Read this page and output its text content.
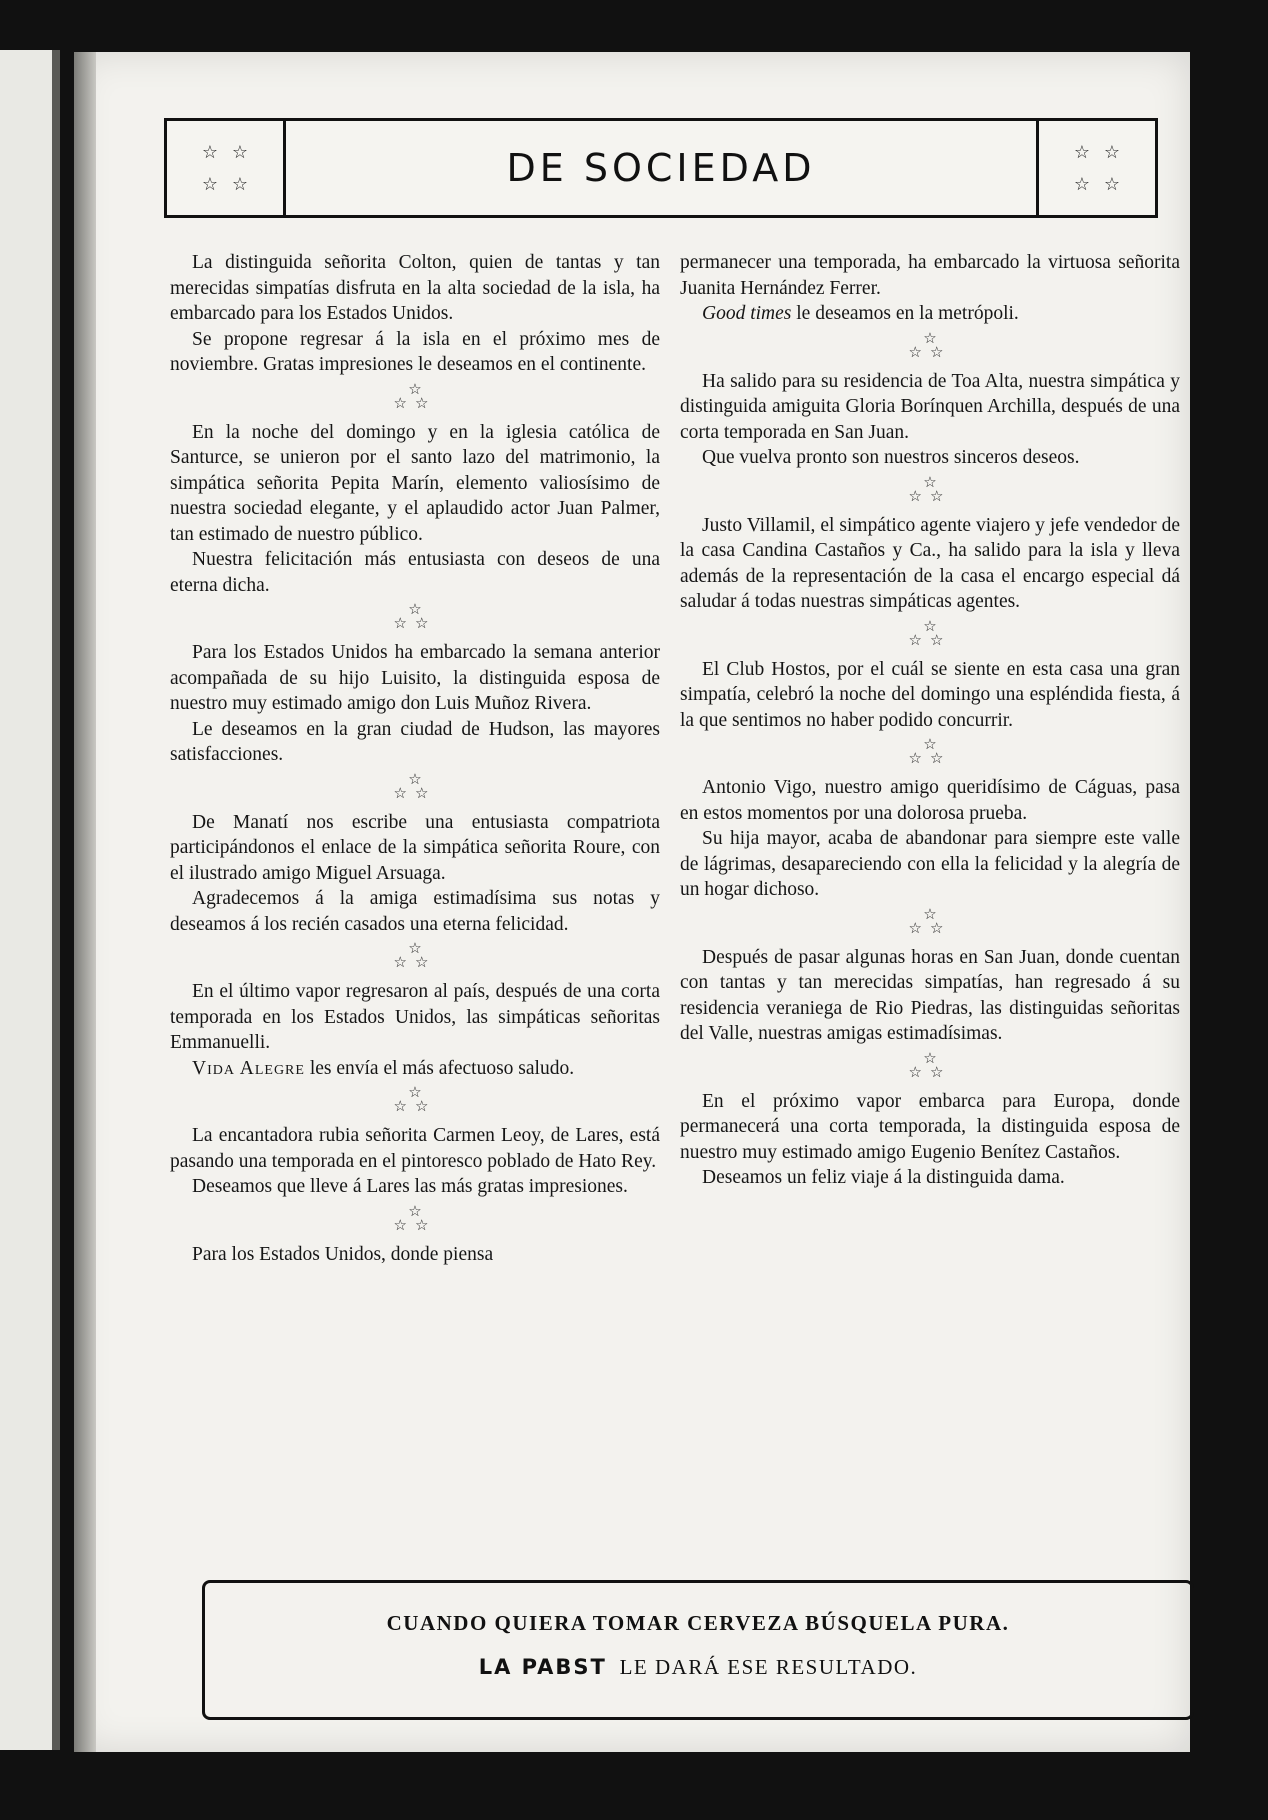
☆ ☆
☆ ☆	DE SOCIEDAD	☆ ☆
☆ ☆

La distinguida señorita Colton, quien de tantas y tan merecidas simpatías disfruta en la alta sociedad de la isla, ha embarcado para los Estados Unidos.

Se propone regresar á la isla en el próximo mes de noviembre. Gratas impresiones le deseamos en el continente.

☆
☆☆

En la noche del domingo y en la iglesia católica de Santurce, se unieron por el santo lazo del matrimonio, la simpática señorita Pepita Marín, elemento valiosísimo de nuestra sociedad elegante, y el aplaudido actor Juan Palmer, tan estimado de nuestro público.

Nuestra felicitación más entusiasta con deseos de una eterna dicha.

☆
☆☆

Para los Estados Unidos ha embarcado la semana anterior acompañada de su hijo Luisito, la distinguida esposa de nuestro muy estimado amigo don Luis Muñoz Rivera.

Le deseamos en la gran ciudad de Hudson, las mayores satisfacciones.

☆
☆☆

De Manatí nos escribe una entusiasta compatriota participándonos el enlace de la simpática señorita Roure, con el ilustrado amigo Miguel Arsuaga.

Agradecemos á la amiga estimadísima sus notas y deseamos á los recién casados una eterna felicidad.

☆
☆☆

En el último vapor regresaron al país, después de una corta temporada en los Estados Unidos, las simpáticas señoritas Emmanuelli.

Vida Alegre les envía el más afectuoso saludo.

☆
☆☆

La encantadora rubia señorita Carmen Leoy, de Lares, está pasando una temporada en el pintoresco poblado de Hato Rey.

Deseamos que lleve á Lares las más gratas impresiones.

☆
☆☆

Para los Estados Unidos, donde piensa

permanecer una temporada, ha embarcado la virtuosa señorita Juanita Hernández Ferrer.

Good times le deseamos en la metrópoli.

☆
☆☆

Ha salido para su residencia de Toa Alta, nuestra simpática y distinguida amiguita Gloria Borínquen Archilla, después de una corta temporada en San Juan.

Que vuelva pronto son nuestros sinceros deseos.

☆
☆☆

Justo Villamil, el simpático agente viajero y jefe vendedor de la casa Candina Castaños y Ca., ha salido para la isla y lleva además de la representación de la casa el encargo especial dá saludar á todas nuestras simpáticas agentes.

☆
☆☆

El Club Hostos, por el cuál se siente en esta casa una gran simpatía, celebró la noche del domingo una espléndida fiesta, á la que sentimos no haber podido concurrir.

☆
☆☆

Antonio Vigo, nuestro amigo queridísimo de Cáguas, pasa en estos momentos por una dolorosa prueba.

Su hija mayor, acaba de abandonar para siempre este valle de lágrimas, desapareciendo con ella la felicidad y la alegría de un hogar dichoso.

☆
☆☆

Después de pasar algunas horas en San Juan, donde cuentan con tantas y tan merecidas simpatías, han regresado á su residencia veraniega de Rio Piedras, las distinguidas señoritas del Valle, nuestras amigas estimadísimas.

☆
☆☆

En el próximo vapor embarca para Europa, donde permanecerá una corta temporada, la distinguida esposa de nuestro muy estimado amigo Eugenio Benítez Castaños.

Deseamos un feliz viaje á la distinguida dama.

CUANDO QUIERA TOMAR CERVEZA BÚSQUELA PURA.
LA PABST LE DARÁ ESE RESULTADO.
